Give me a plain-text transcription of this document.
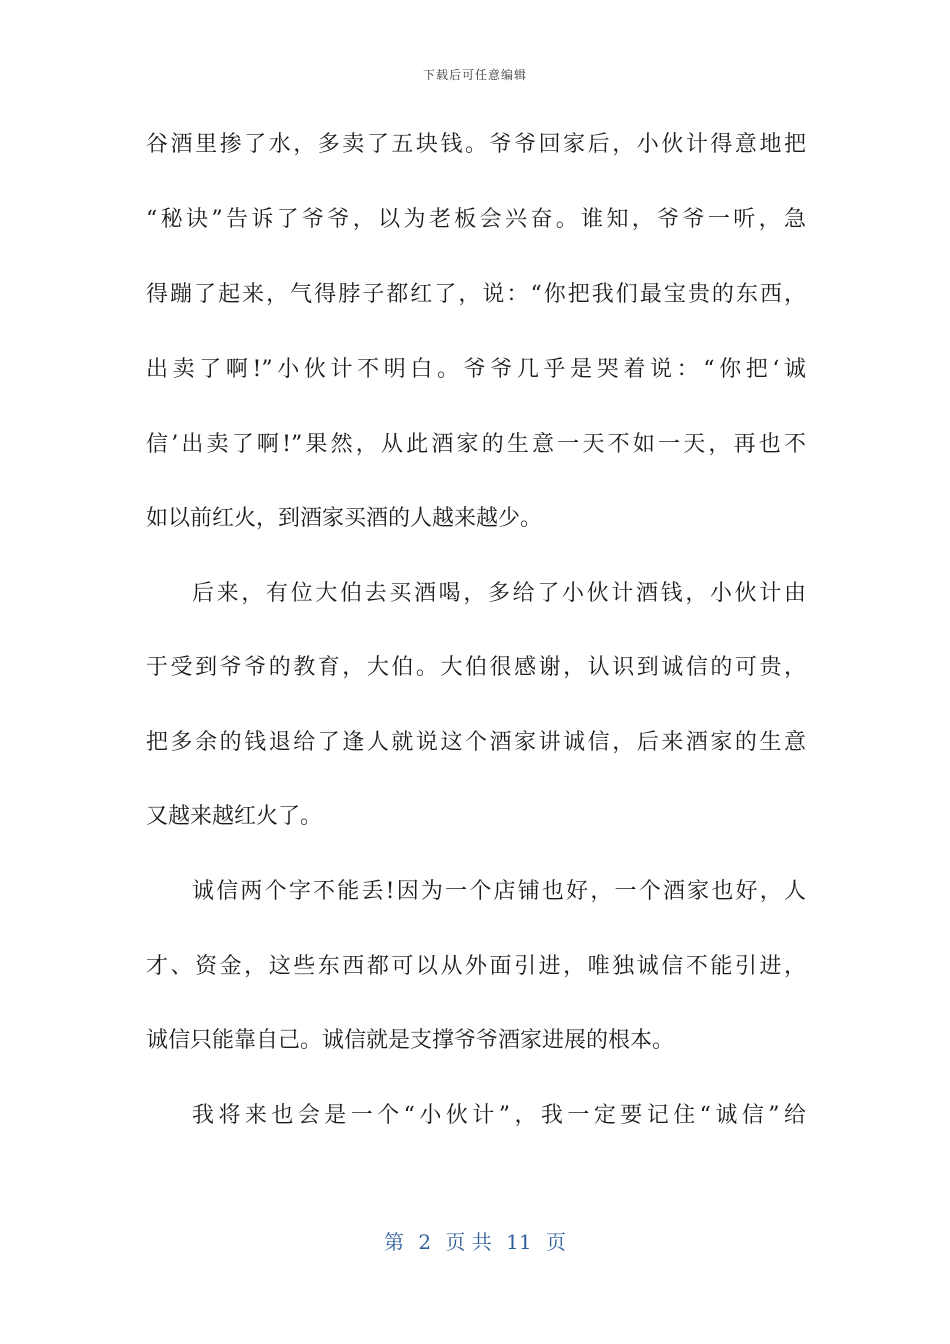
下载后可任意编辑
谷酒里掺了水，多卖了五块钱。爷爷回家后，小伙计得意地把
“秘诀”告诉了爷爷，以为老板会兴奋。谁知，爷爷一听，急
得蹦了起来，气得脖子都红了，说：“你把我们最宝贵的东西，
出卖了啊!”小伙计不明白。爷爷几乎是哭着说：“你把‘诚
信’出卖了啊!”果然，从此酒家的生意一天不如一天，再也不
如以前红火，到酒家买酒的人越来越少。
后来，有位大伯去买酒喝，多给了小伙计酒钱，小伙计由
于受到爷爷的教育，大伯。大伯很感谢，认识到诚信的可贵，
把多余的钱退给了逢人就说这个酒家讲诚信，后来酒家的生意
又越来越红火了。
诚信两个字不能丢!因为一个店铺也好，一个酒家也好，人
才、资金，这些东西都可以从外面引进，唯独诚信不能引进，
诚信只能靠自己。诚信就是支撑爷爷酒家进展的根本。
我将来也会是一个“小伙计”，我一定要记住“诚信”给
第 2 页 共 11 页
